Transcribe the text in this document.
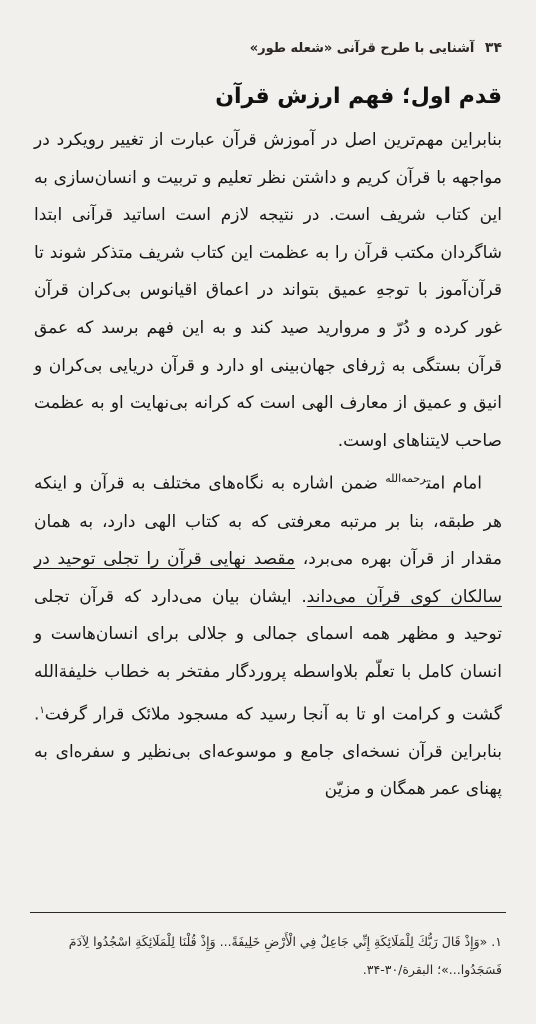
۳۴ آشنایی با طرح قرآنی «شعله طور»
قدم اول؛ فهم ارزش قرآن

بنابراین مهم‌ترین اصل در آموزش قرآن عبارت از تغییر رویکرد در مواجهه با قرآن کریم و داشتن نظر تعلیم و تربیت و انسان‌سازی به این کتاب شریف است. در نتیجه لازم است اساتید قرآنی ابتدا شاگردان مکتب قرآن را به عظمت این کتاب شریف متذکر شوند تا قرآن‌آموز با توجهِ عمیق بتواند در اعماق اقیانوس بی‌کران قرآن غور کرده و دُرّ و مروارید صید کند و به این فهم برسد که عمق قرآن بستگی به ژرفای جهان‌بینی او دارد و قرآن دریایی بی‌کران و انیق و عمیق از معارف الهی است که کرانه بی‌نهایت او به عظمت صاحب لایتناهای اوست.

امام امت$^{رحمه‌الله}$ ضمن اشاره به نگاه‌های مختلف به قرآن و اینکه هر طبقه، بنا بر مرتبه معرفتی که به کتاب الهی دارد، به همان مقدار از قرآن بهره می‌برد، مقصد نهایی قرآن را تجلی توحید در سالکان کوی قرآن می‌داند. ایشان بیان می‌دارد که قرآن تجلی توحید و مظهر همه اسمای جمالی و جلالی برای انسان‌هاست و انسان کامل با تعلّم بلاواسطه پروردگار مفتخر به خطاب خلیفة‌الله گشت و کرامت او تا به آنجا رسید که مسجود ملائک قرار گرفت$^۱$. بنابراین قرآن نسخه‌ای جامع و موسوعه‌ای بی‌نظیر و سفره‌ای به پهنای عمر همگان و مزیّن

۱. «وَإِذْ قَالَ رَبُّكَ لِلْمَلَائِكَةِ إِنِّي جَاعِلٌ فِي الْأَرْضِ خَلِيفَةً... وَإِذْ قُلْنَا لِلْمَلَائِكَةِ اسْجُدُوا لِآدَمَ فَسَجَدُوا...»؛ البقرة/۳۰-۳۴.
